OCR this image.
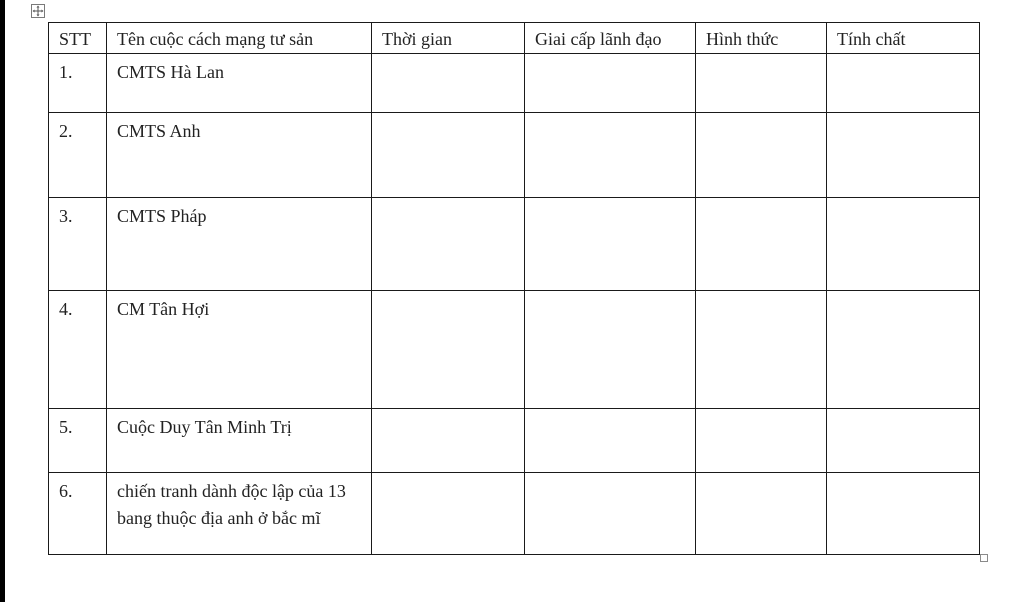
STT	Tên cuộc cách mạng tư sản	Thời gian	Giai cấp lãnh đạo	Hình thức	Tính chất
1.	CMTS Hà Lan				
2.	CMTS Anh				
3.	CMTS Pháp				
4.	CM Tân Hợi				
5.	Cuộc Duy Tân Minh Trị				
6.	chiến tranh dành độc lập của 13 bang thuộc địa anh ở bắc mĩ				
